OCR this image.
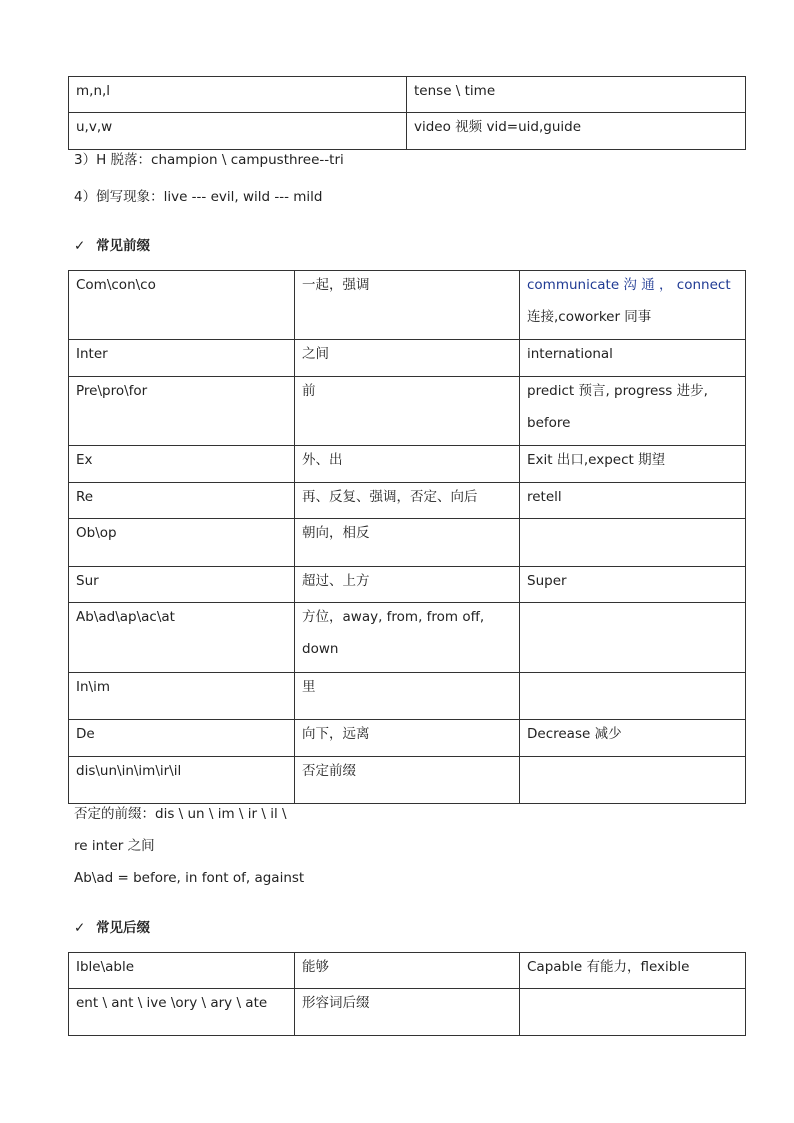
m,n,l	tense \ time

u,v,w	video 视频 vid=uid,guide
3）H 脱落：champion \ campusthree--tri
4）倒写现象：live --- evil, wild --- mild
✓ 常见前缀
Com\con\co	一起，强调	communicate 沟 通 ， connect
连接,coworker 同事

Inter	之间	international

Pre\pro\for	前	predict 预言, progress 进步,
before

Ex	外、出	Exit 出口,expect 期望

Re	再、反复、强调，否定、向后	retell

Ob\op	朝向，相反	

Sur	超过、上方	Super

Ab\ad\ap\ac\at	方位，away, from, from off,
down	

In\im	里	

De	向下，远离	Decrease 减少

dis\un\in\im\ir\il	否定前缀	

否定的前缀：dis \ un \ im \ ir \ il \
re inter 之间
Ab\ad = before, in font of, against
✓ 常见后缀
Ible\able	能够	Capable 有能力，flexible

ent \ ant \ ive \ory \ ary \ ate	形容词后缀	
